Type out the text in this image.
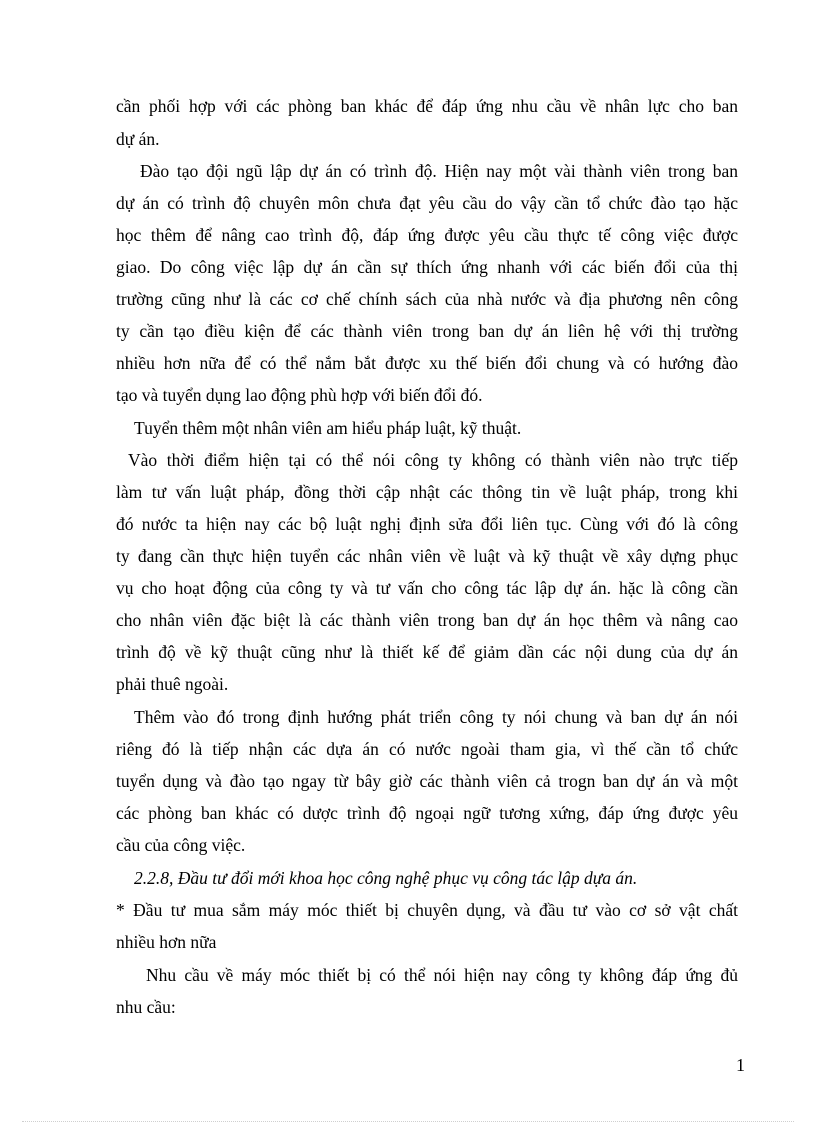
cần phối hợp với các phòng ban khác để đáp ứng nhu cầu về nhân lực cho ban
dự án.
Đào tạo đội ngũ lập dự án có trình độ. Hiện nay một vài thành viên trong ban
dự án có trình độ chuyên môn chưa đạt yêu cầu do vậy cần tổ chức đào tạo hặc
học thêm để nâng cao trình độ, đáp ứng được yêu cầu thực tế công việc được
giao. Do công việc lập dự án cần sự thích ứng nhanh với các biến đổi của thị
trường cũng như là các cơ chế chính sách của nhà nước và địa phương nên công
ty cần tạo điều kiện để các thành viên trong ban dự án liên hệ với thị trường
nhiều hơn nữa để có thể nắm bắt được xu thế biến đổi chung và có hướng đào
tạo và tuyển dụng lao động phù hợp với biến đổi đó.
Tuyển thêm một nhân viên am hiểu pháp luật, kỹ thuật.
Vào thời điểm hiện tại có thể nói công ty không có thành viên nào trực tiếp
làm tư vấn luật pháp, đồng thời cập nhật các thông tin về luật pháp, trong khi
đó nước ta hiện nay các bộ luật nghị định sửa đổi liên tục. Cùng với đó là công
ty đang cần thực hiện tuyển các nhân viên về luật và kỹ thuật về xây dựng phục
vụ cho hoạt động của công ty và tư vấn cho công tác lập dự án. hặc là công cần
cho nhân viên đặc biệt là các thành viên trong ban dự án học thêm và nâng cao
trình độ về kỹ thuật cũng như là thiết kế để giảm dần các nội dung của dự án
phải thuê ngoài.
Thêm vào đó trong định hướng phát triển công ty nói chung và ban dự án nói
riêng đó là tiếp nhận các dựa án có nước ngoài tham gia, vì thế cần tổ chức
tuyển dụng và đào tạo ngay từ bây giờ các thành viên cả trogn ban dự án và một
các phòng ban khác có dược trình độ ngoại ngữ tương xứng, đáp ứng được yêu
cầu của công việc.
2.2.8, Đầu tư đổi mới khoa học công nghệ phục vụ công tác lập dựa án.
* Đầu tư mua sắm máy móc thiết bị chuyên dụng, và đầu tư vào cơ sở vật chất
nhiều hơn nữa
Nhu cầu về máy móc thiết bị có thể nói hiện nay công ty không đáp ứng đủ
nhu cầu:
1
